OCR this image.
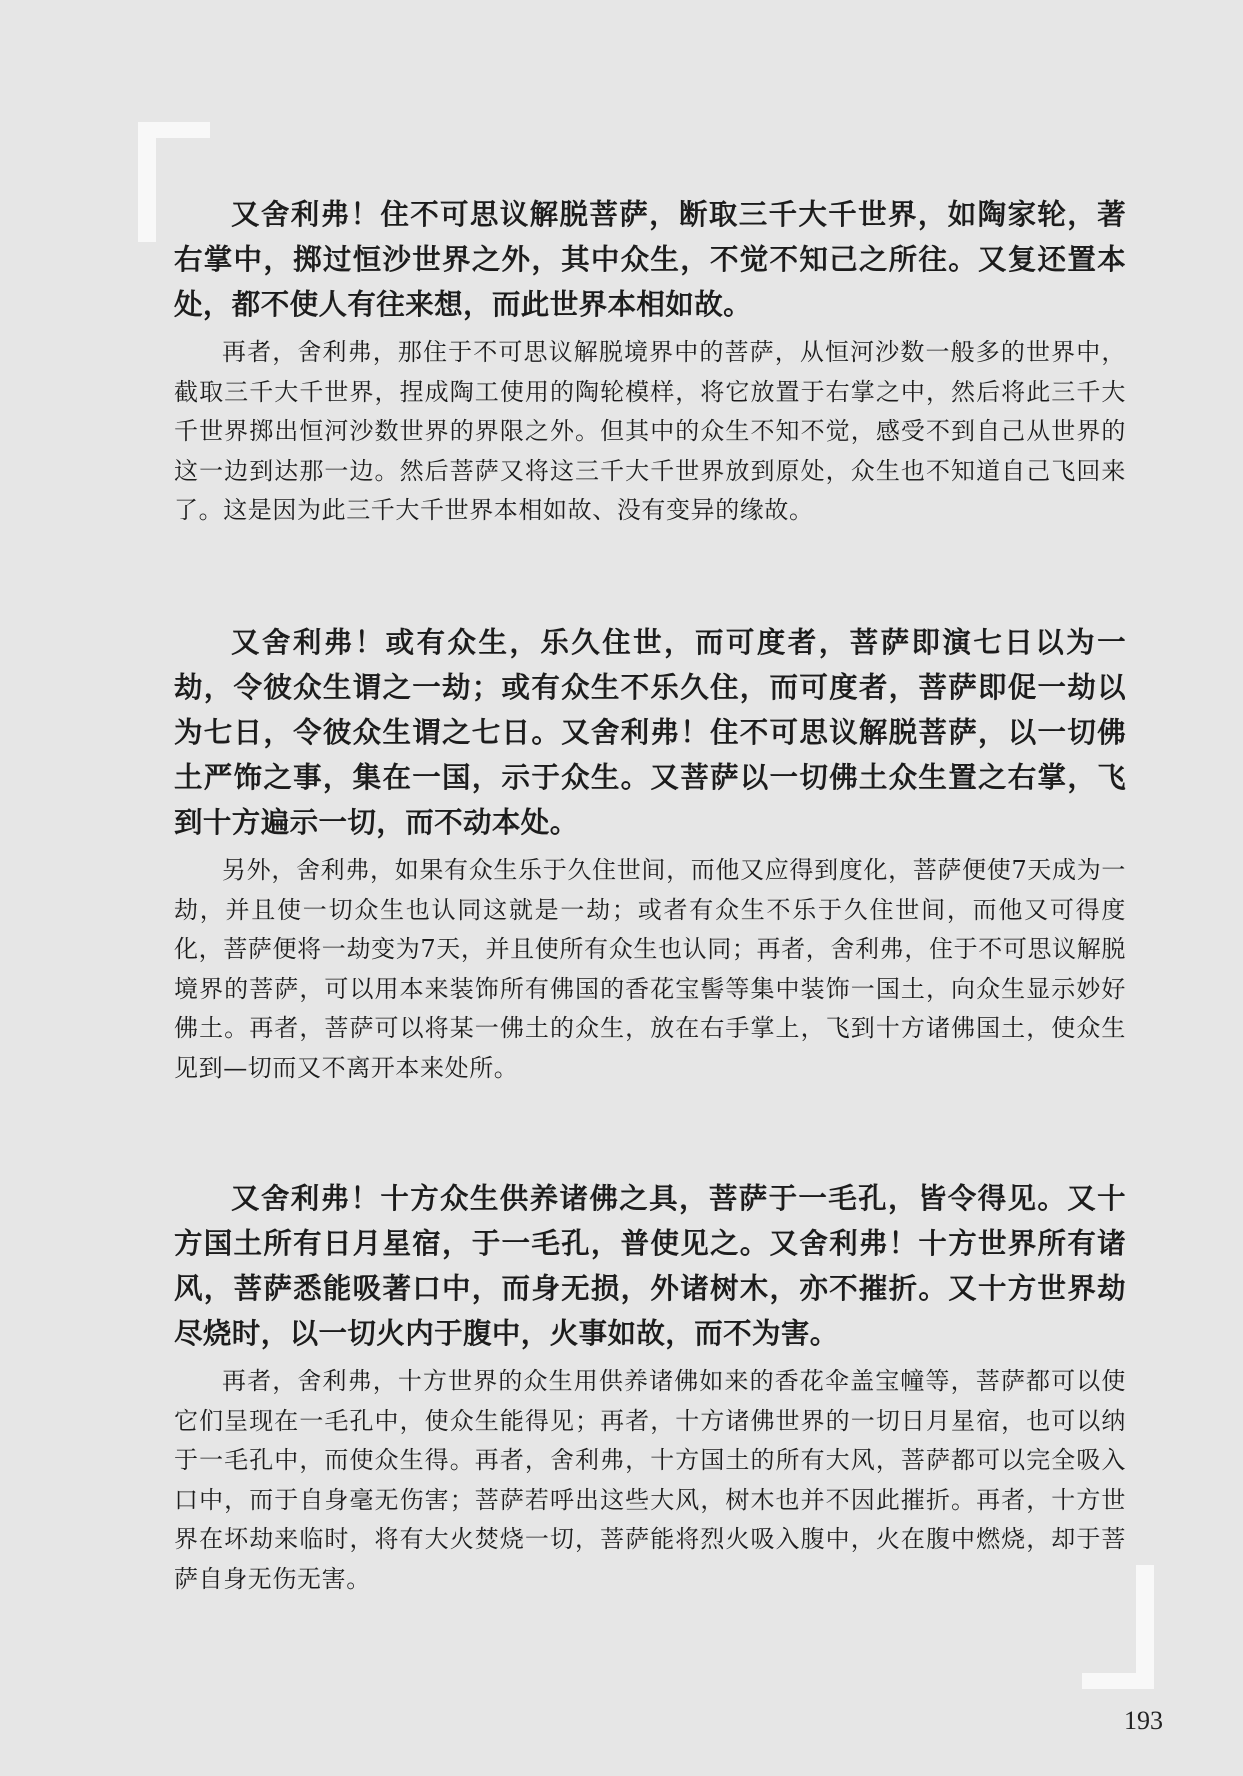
又舍利弗！住不可思议解脱菩萨，断取三千大千世界，如陶家轮，著右掌中，掷过恒沙世界之外，其中众生，不觉不知己之所往。又复还置本处，都不使人有往来想，而此世界本相如故。

再者，舍利弗，那住于不可思议解脱境界中的菩萨，从恒河沙数一般多的世界中，截取三千大千世界，捏成陶工使用的陶轮模样，将它放置于右掌之中，然后将此三千大千世界掷出恒河沙数世界的界限之外。但其中的众生不知不觉，感受不到自己从世界的这一边到达那一边。然后菩萨又将这三千大千世界放到原处，众生也不知道自己飞回来了。这是因为此三千大千世界本相如故、没有变异的缘故。

又舍利弗！或有众生，乐久住世，而可度者，菩萨即演七日以为一劫，令彼众生谓之一劫；或有众生不乐久住，而可度者，菩萨即促一劫以为七日，令彼众生谓之七日。又舍利弗！住不可思议解脱菩萨，以一切佛土严饰之事，集在一国，示于众生。又菩萨以一切佛土众生置之右掌，飞到十方遍示一切，而不动本处。

另外，舍利弗，如果有众生乐于久住世间，而他又应得到度化，菩萨便使7天成为一劫，并且使一切众生也认同这就是一劫；或者有众生不乐于久住世间，而他又可得度化，菩萨便将一劫变为7天，并且使所有众生也认同；再者，舍利弗，住于不可思议解脱境界的菩萨，可以用本来装饰所有佛国的香花宝髻等集中装饰一国土，向众生显示妙好佛土。再者，菩萨可以将某一佛土的众生，放在右手掌上，飞到十方诸佛国土，使众生见到—切而又不离开本来处所。

又舍利弗！十方众生供养诸佛之具，菩萨于一毛孔，皆令得见。又十方国土所有日月星宿，于一毛孔，普使见之。又舍利弗！十方世界所有诸风，菩萨悉能吸著口中，而身无损，外诸树木，亦不摧折。又十方世界劫尽烧时，以一切火内于腹中，火事如故，而不为害。

再者，舍利弗，十方世界的众生用供养诸佛如来的香花伞盖宝幢等，菩萨都可以使它们呈现在一毛孔中，使众生能得见；再者，十方诸佛世界的一切日月星宿，也可以纳于一毛孔中，而使众生得。再者，舍利弗，十方国土的所有大风，菩萨都可以完全吸入口中，而于自身毫无伤害；菩萨若呼出这些大风，树木也并不因此摧折。再者，十方世界在坏劫来临时，将有大火焚烧一切，菩萨能将烈火吸入腹中，火在腹中燃烧，却于菩萨自身无伤无害。

193
